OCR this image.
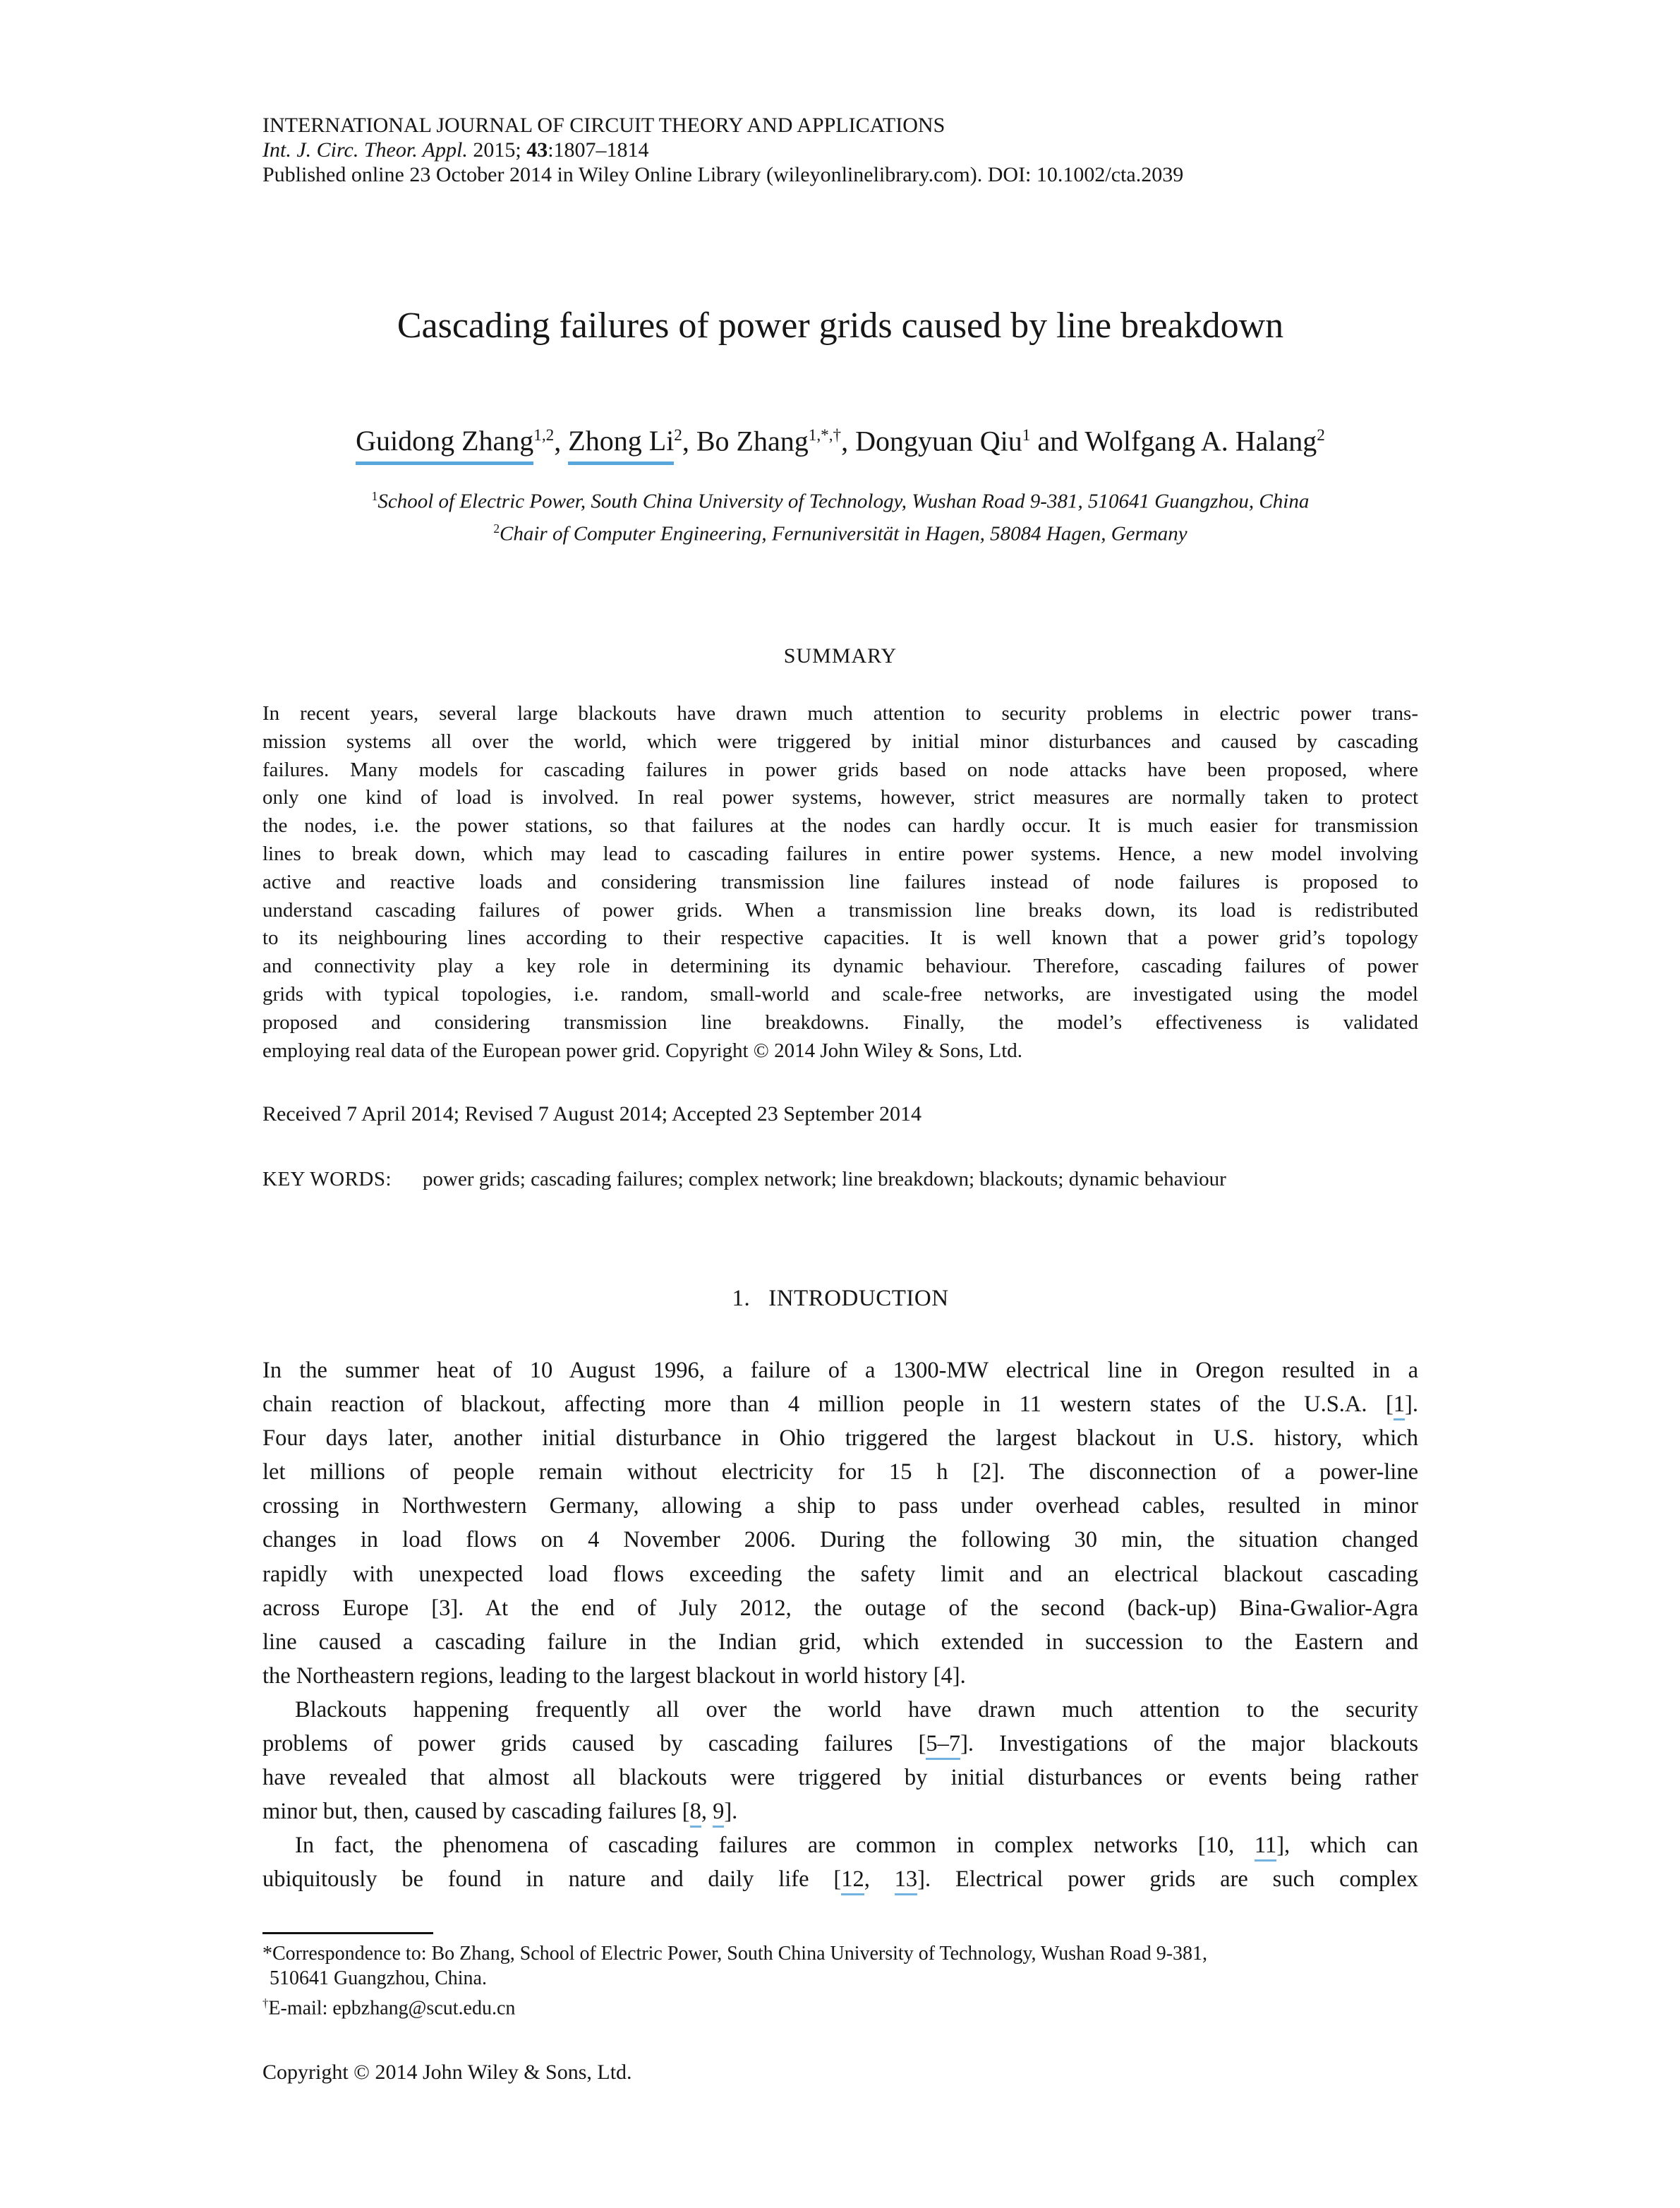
INTERNATIONAL JOURNAL OF CIRCUIT THEORY AND APPLICATIONS
Int. J. Circ. Theor. Appl. 2015; 43:1807–1814
Published online 23 October 2014 in Wiley Online Library (wileyonlinelibrary.com). DOI: 10.1002/cta.2039
Cascading failures of power grids caused by line breakdown
Guidong Zhang$^{1,2}$, Zhong Li$^2$, Bo Zhang$^{1,*,\dagger}$, Dongyuan Qiu$^1$ and Wolfgang A. Halang$^2$
$^1$School of Electric Power, South China University of Technology, Wushan Road 9-381, 510641 Guangzhou, China
$^2$Chair of Computer Engineering, Fernuniversität in Hagen, 58084 Hagen, Germany
SUMMARY
In recent years, several large blackouts have drawn much attention to security problems in electric power trans-
mission systems all over the world, which were triggered by initial minor disturbances and caused by cascading
failures. Many models for cascading failures in power grids based on node attacks have been proposed, where
only one kind of load is involved. In real power systems, however, strict measures are normally taken to protect
the nodes, i.e. the power stations, so that failures at the nodes can hardly occur. It is much easier for transmission
lines to break down, which may lead to cascading failures in entire power systems. Hence, a new model involving
active and reactive loads and considering transmission line failures instead of node failures is proposed to
understand cascading failures of power grids. When a transmission line breaks down, its load is redistributed
to its neighbouring lines according to their respective capacities. It is well known that a power grid’s topology
and connectivity play a key role in determining its dynamic behaviour. Therefore, cascading failures of power
grids with typical topologies, i.e. random, small-world and scale-free networks, are investigated using the model
proposed and considering transmission line breakdowns. Finally, the model’s effectiveness is validated
employing real data of the European power grid. Copyright © 2014 John Wiley & Sons, Ltd.
Received 7 April 2014; Revised 7 August 2014; Accepted 23 September 2014
KEY WORDS: power grids; cascading failures; complex network; line breakdown; blackouts; dynamic behaviour
1. INTRODUCTION
In the summer heat of 10 August 1996, a failure of a 1300-MW electrical line in Oregon resulted in a
chain reaction of blackout, affecting more than 4 million people in 11 western states of the U.S.A. [1].
Four days later, another initial disturbance in Ohio triggered the largest blackout in U.S. history, which
let millions of people remain without electricity for 15 h [2]. The disconnection of a power-line
crossing in Northwestern Germany, allowing a ship to pass under overhead cables, resulted in minor
changes in load flows on 4 November 2006. During the following 30 min, the situation changed
rapidly with unexpected load flows exceeding the safety limit and an electrical blackout cascading
across Europe [3]. At the end of July 2012, the outage of the second (back-up) Bina-Gwalior-Agra
line caused a cascading failure in the Indian grid, which extended in succession to the Eastern and
the Northeastern regions, leading to the largest blackout in world history [4].
Blackouts happening frequently all over the world have drawn much attention to the security
problems of power grids caused by cascading failures [5–7]. Investigations of the major blackouts
have revealed that almost all blackouts were triggered by initial disturbances or events being rather
minor but, then, caused by cascading failures [8, 9].
In fact, the phenomena of cascading failures are common in complex networks [10, 11], which can
ubiquitously be found in nature and daily life [12, 13]. Electrical power grids are such complex
*Correspondence to: Bo Zhang, School of Electric Power, South China University of Technology, Wushan Road 9-381,
510641 Guangzhou, China.
†E-mail: epbzhang@scut.edu.cn
Copyright © 2014 John Wiley & Sons, Ltd.
